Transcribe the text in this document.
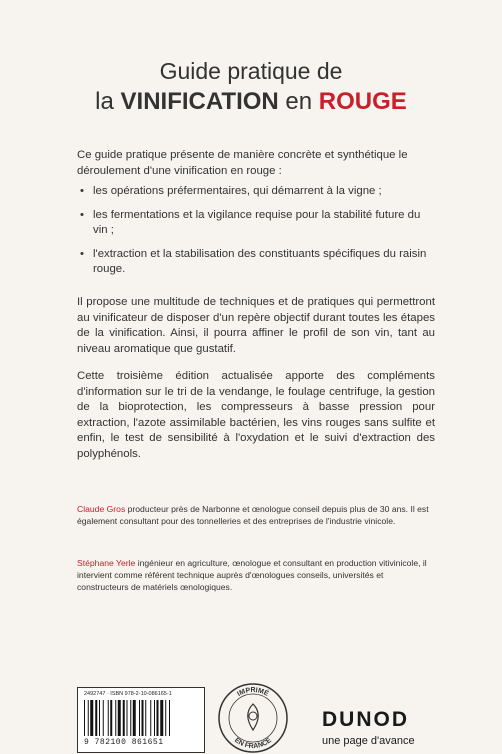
Guide pratique de
la VINIFICATION en ROUGE
Ce guide pratique présente de manière concrète et synthétique le déroulement d'une vinification en rouge :
• les opérations préfermentaires, qui démarrent à la vigne ;
• les fermentations et la vigilance requise pour la stabilité future du vin ;
• l'extraction et la stabilisation des constituants spécifiques du raisin rouge.
Il propose une multitude de techniques et de pratiques qui permettront au vinificateur de disposer d'un repère objectif durant toutes les étapes de la vinification. Ainsi, il pourra affiner le profil de son vin, tant au niveau aromatique que gustatif.
Cette troisième édition actualisée apporte des compléments d'information sur le tri de la vendange, le foulage centrifuge, la gestion de la bioprotection, les compresseurs à basse pression pour extraction, l'azote assimilable bactérien, les vins rouges sans sulfite et enfin, le test de sensibilité à l'oxydation et le suivi d'extraction des polyphénols.
Claude Gros producteur près de Narbonne et œnologue conseil depuis plus de 30 ans. Il est également consultant pour des tonnelleries et des entreprises de l'industrie vinicole.
Stéphane Yerle ingénieur en agriculture, œnologue et consultant en production vitivinicole, il intervient comme référent technique auprès d'œnologues conseils, universités et constructeurs de matériels œnologiques.
2492747 · ISBN 978-2-10-086165-1
9 782100 861651
IMPRIMÉ
EN FRANCE
DUNOD
une page d'avance
